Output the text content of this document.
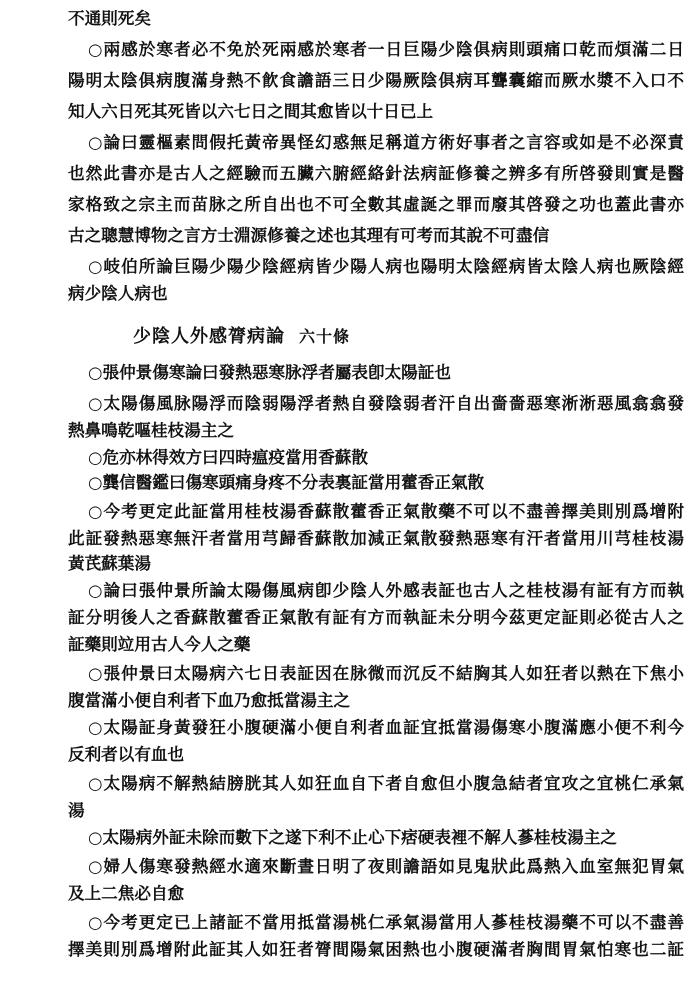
不通則死矣
○兩感於寒者必不免於死兩感於寒者一日巨陽少陰俱病則頭痛口乾而煩滿二日
陽明太陰俱病腹滿身熱不飮食譫語三日少陽厥陰俱病耳聾囊縮而厥水漿不入口不
知人六日死其死皆以六七日之間其愈皆以十日已上
○論曰靈樞素問假托黃帝異怪幻惑無足稱道方術好事者之言容或如是不必深責
也然此書亦是古人之經驗而五臟六腑經絡針法病証修養之辨多有所啓發則實是醫
家格致之宗主而苗脉之所自出也不可全數其虛誕之罪而廢其啓發之功也蓋此書亦
古之聰慧博物之言方士淵源修養之述也其理有可考而其說不可盡信
○岐伯所論巨陽少陽少陰經病皆少陽人病也陽明太陰經病皆太陰人病也厥陰經
病少陰人病也
少陰人外感膂病論 六十條
○張仲景傷寒論曰發熱惡寒脉浮者屬表卽太陽証也
○太陽傷風脉陽浮而陰弱陽浮者熱自發陰弱者汗自出嗇嗇惡寒淅淅惡風翕翕發
熱鼻鳴乾嘔桂枝湯主之
○危亦林得效方曰四時瘟疫當用香蘇散
○龔信醫鑑曰傷寒頭痛身疼不分表裏証當用藿香正氣散
○今考更定此証當用桂枝湯香蘇散藿香正氣散藥不可以不盡善擇美則別爲增附
此証發熱惡寒無汗者當用芎歸香蘇散加減正氣散發熱惡寒有汗者當用川芎桂枝湯
黃芪蘇葉湯
○論曰張仲景所論太陽傷風病卽少陰人外感表証也古人之桂枝湯有証有方而執
証分明後人之香蘇散藿香正氣散有証有方而執証未分明今茲更定証則必從古人之
証藥則竝用古人今人之藥
○張仲景曰太陽病六七日表証因在脉微而沉反不結胸其人如狂者以熱在下焦小
腹當滿小便自利者下血乃愈抵當湯主之
○太陽証身黃發狂小腹硬滿小便自利者血証宜抵當湯傷寒小腹滿應小便不利今
反利者以有血也
○太陽病不解熱結膀胱其人如狂血自下者自愈但小腹急結者宜攻之宜桃仁承氣
湯
○太陽病外証未除而數下之遂下利不止心下痞硬表裡不解人蔘桂枝湯主之
○婦人傷寒發熱經水適來斷晝日明了夜則譫語如見鬼狀此爲熱入血室無犯胃氣
及上二焦必自愈
○今考更定已上諸証不當用抵當湯桃仁承氣湯當用人蔘桂枝湯藥不可以不盡善
擇美則別爲增附此証其人如狂者膂間陽氣困熱也小腹硬滿者胸間胃氣怕寒也二証
